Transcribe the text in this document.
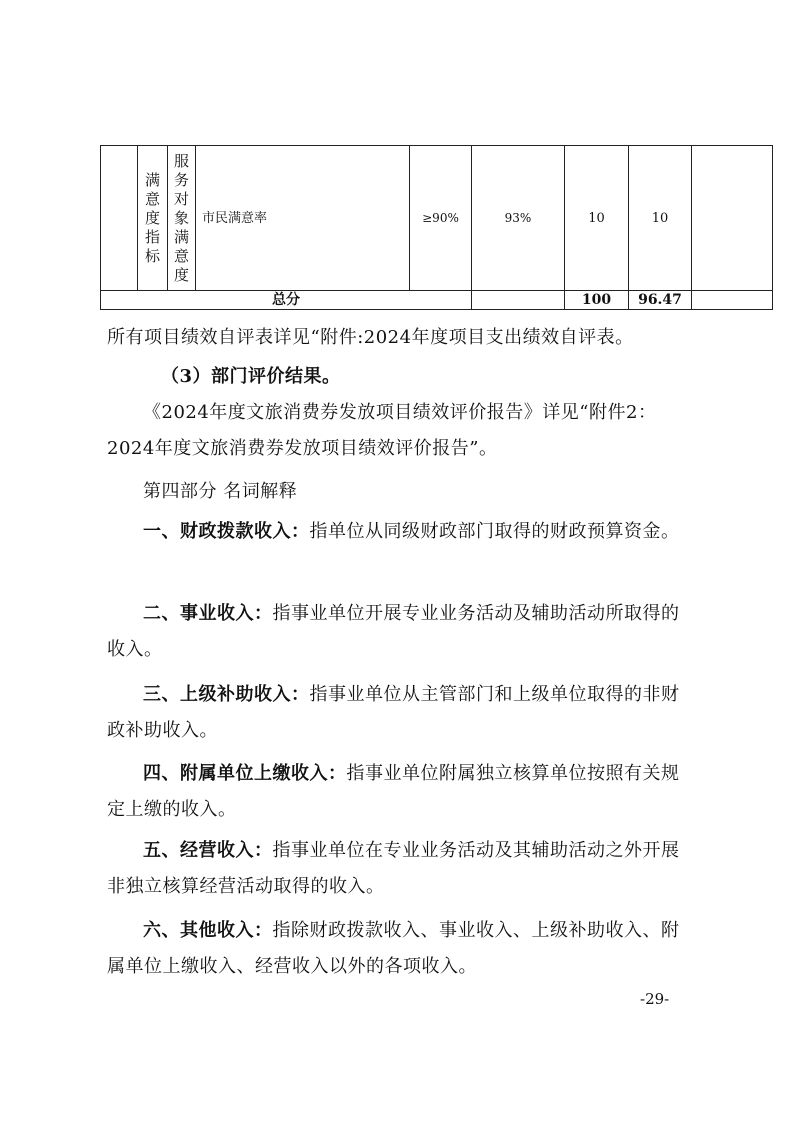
	满意度指标	服务对象满意度	市民满意率	≥90%	93%	10	10	
总分						100	96.47	

所有项目绩效自评表详见“附件:2024年度项目支出绩效自评表。

（3）部门评价结果。

《2024年度文旅消费券发放项目绩效评价报告》详见“附件2：2024年度文旅消费券发放项目绩效评价报告”。

第四部分 名词解释

一、财政拨款收入：指单位从同级财政部门取得的财政预算资金。

二、事业收入：指事业单位开展专业业务活动及辅助活动所取得的收入。

三、上级补助收入：指事业单位从主管部门和上级单位取得的非财政补助收入。

四、附属单位上缴收入：指事业单位附属独立核算单位按照有关规定上缴的收入。

五、经营收入：指事业单位在专业业务活动及其辅助活动之外开展非独立核算经营活动取得的收入。

六、其他收入：指除财政拨款收入、事业收入、上级补助收入、附属单位上缴收入、经营收入以外的各项收入。

-29-
